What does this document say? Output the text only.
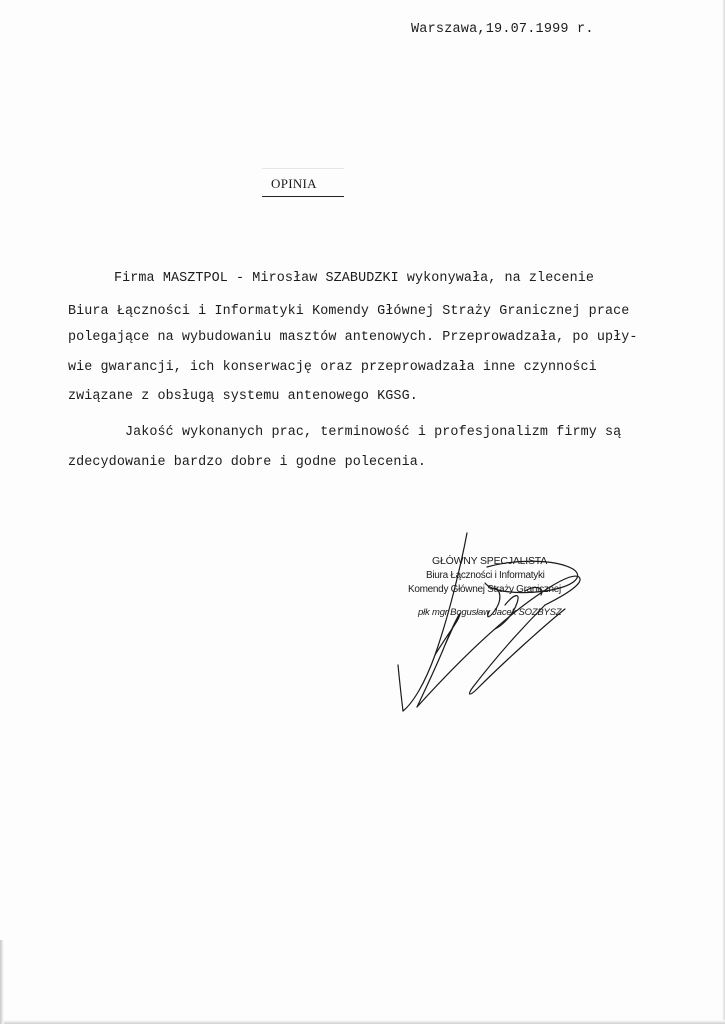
Warszawa,19.07.1999 r.
OPINIA
Firma MASZTPOL - Mirosław SZABUDZKI wykonywała, na zlecenie
Biura Łączności i Informatyki Komendy Głównej Straży Granicznej prace
polegające na wybudowaniu masztów antenowych. Przeprowadzała, po upły-
wie gwarancji, ich konserwację oraz przeprowadzała inne czynności
związane z obsługą systemu antenowego KGSG.
Jakość wykonanych prac, terminowość i profesjonalizm firmy są
zdecydowanie bardzo dobre i godne polecenia.
GŁÓWNY SPECJALISTA
Biura Łączności i Informatyki
Komendy Głównej Straży Granicznej
płk mgr Bogusław Jacek SOZBYSZ
